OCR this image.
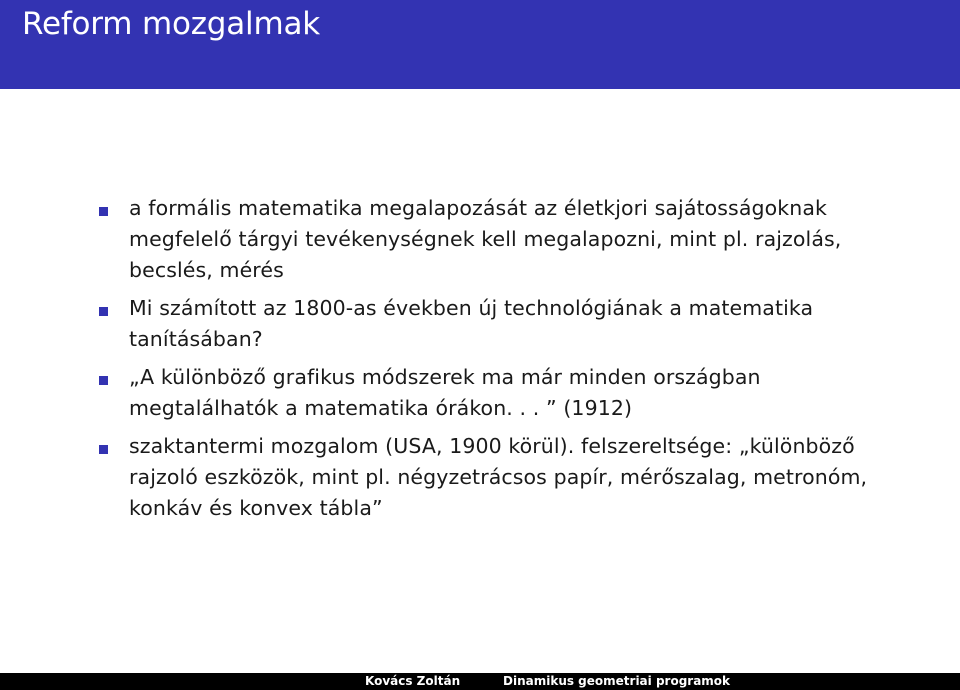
Reform mozgalmak
a formális matematika megalapozását az életkjori sajátosságoknak megfelelő tárgyi tevékenységnek kell megalapozni, mint pl. rajzolás, becslés, mérés
Mi számított az 1800-as években új technológiának a matematika tanításában?
„A különböző grafikus módszerek ma már minden országban megtalálhatók a matematika órákon. . . ” (1912)
szaktantermi mozgalom (USA, 1900 körül). felszereltsége: „különböző rajzoló eszközök, mint pl. négyzetrácsos papír, mérőszalag, metronóm, konkáv és konvex tábla”
Kovács Zoltán	Dinamikus geometriai programok
